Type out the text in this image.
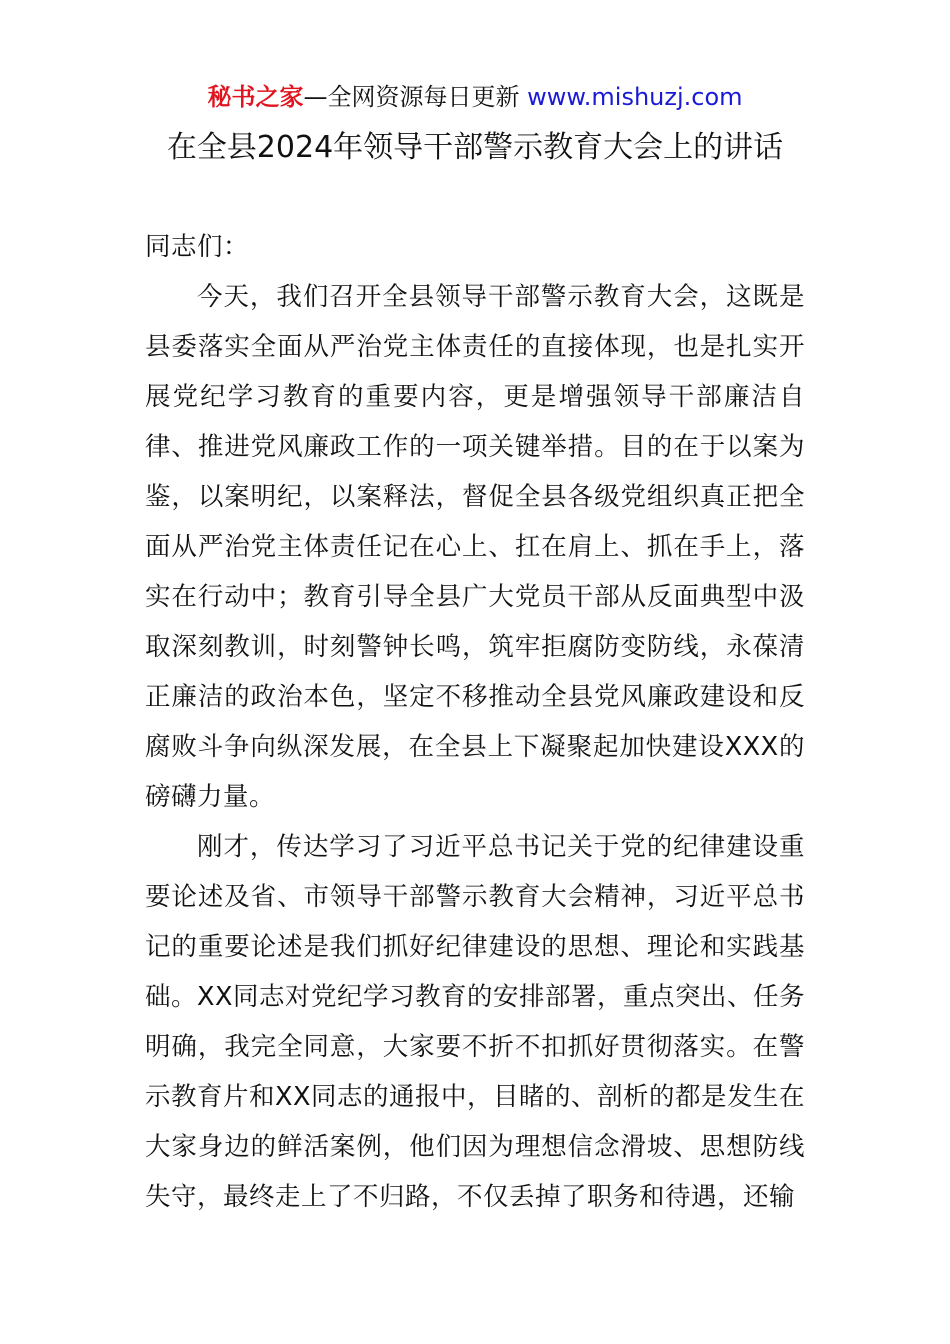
秘书之家—全网资源每日更新 www.mishuzj.com
在全县2024年领导干部警示教育大会上的讲话

同志们：

今天，我们召开全县领导干部警示教育大会，这既是县委落实全面从严治党主体责任的直接体现，也是扎实开展党纪学习教育的重要内容，更是增强领导干部廉洁自律、推进党风廉政工作的一项关键举措。目的在于以案为鉴，以案明纪，以案释法，督促全县各级党组织真正把全面从严治党主体责任记在心上、扛在肩上、抓在手上，落实在行动中；教育引导全县广大党员干部从反面典型中汲取深刻教训，时刻警钟长鸣，筑牢拒腐防变防线，永葆清正廉洁的政治本色，坚定不移推动全县党风廉政建设和反腐败斗争向纵深发展，在全县上下凝聚起加快建设XXX的磅礴力量。

刚才，传达学习了习近平总书记关于党的纪律建设重要论述及省、市领导干部警示教育大会精神，习近平总书记的重要论述是我们抓好纪律建设的思想、理论和实践基础。XX同志对党纪学习教育的安排部署，重点突出、任务明确，我完全同意，大家要不折不扣抓好贯彻落实。在警示教育片和XX同志的通报中，目睹的、剖析的都是发生在大家身边的鲜活案例，他们因为理想信念滑坡、思想防线失守，最终走上了不归路，不仅丢掉了职务和待遇，还输
